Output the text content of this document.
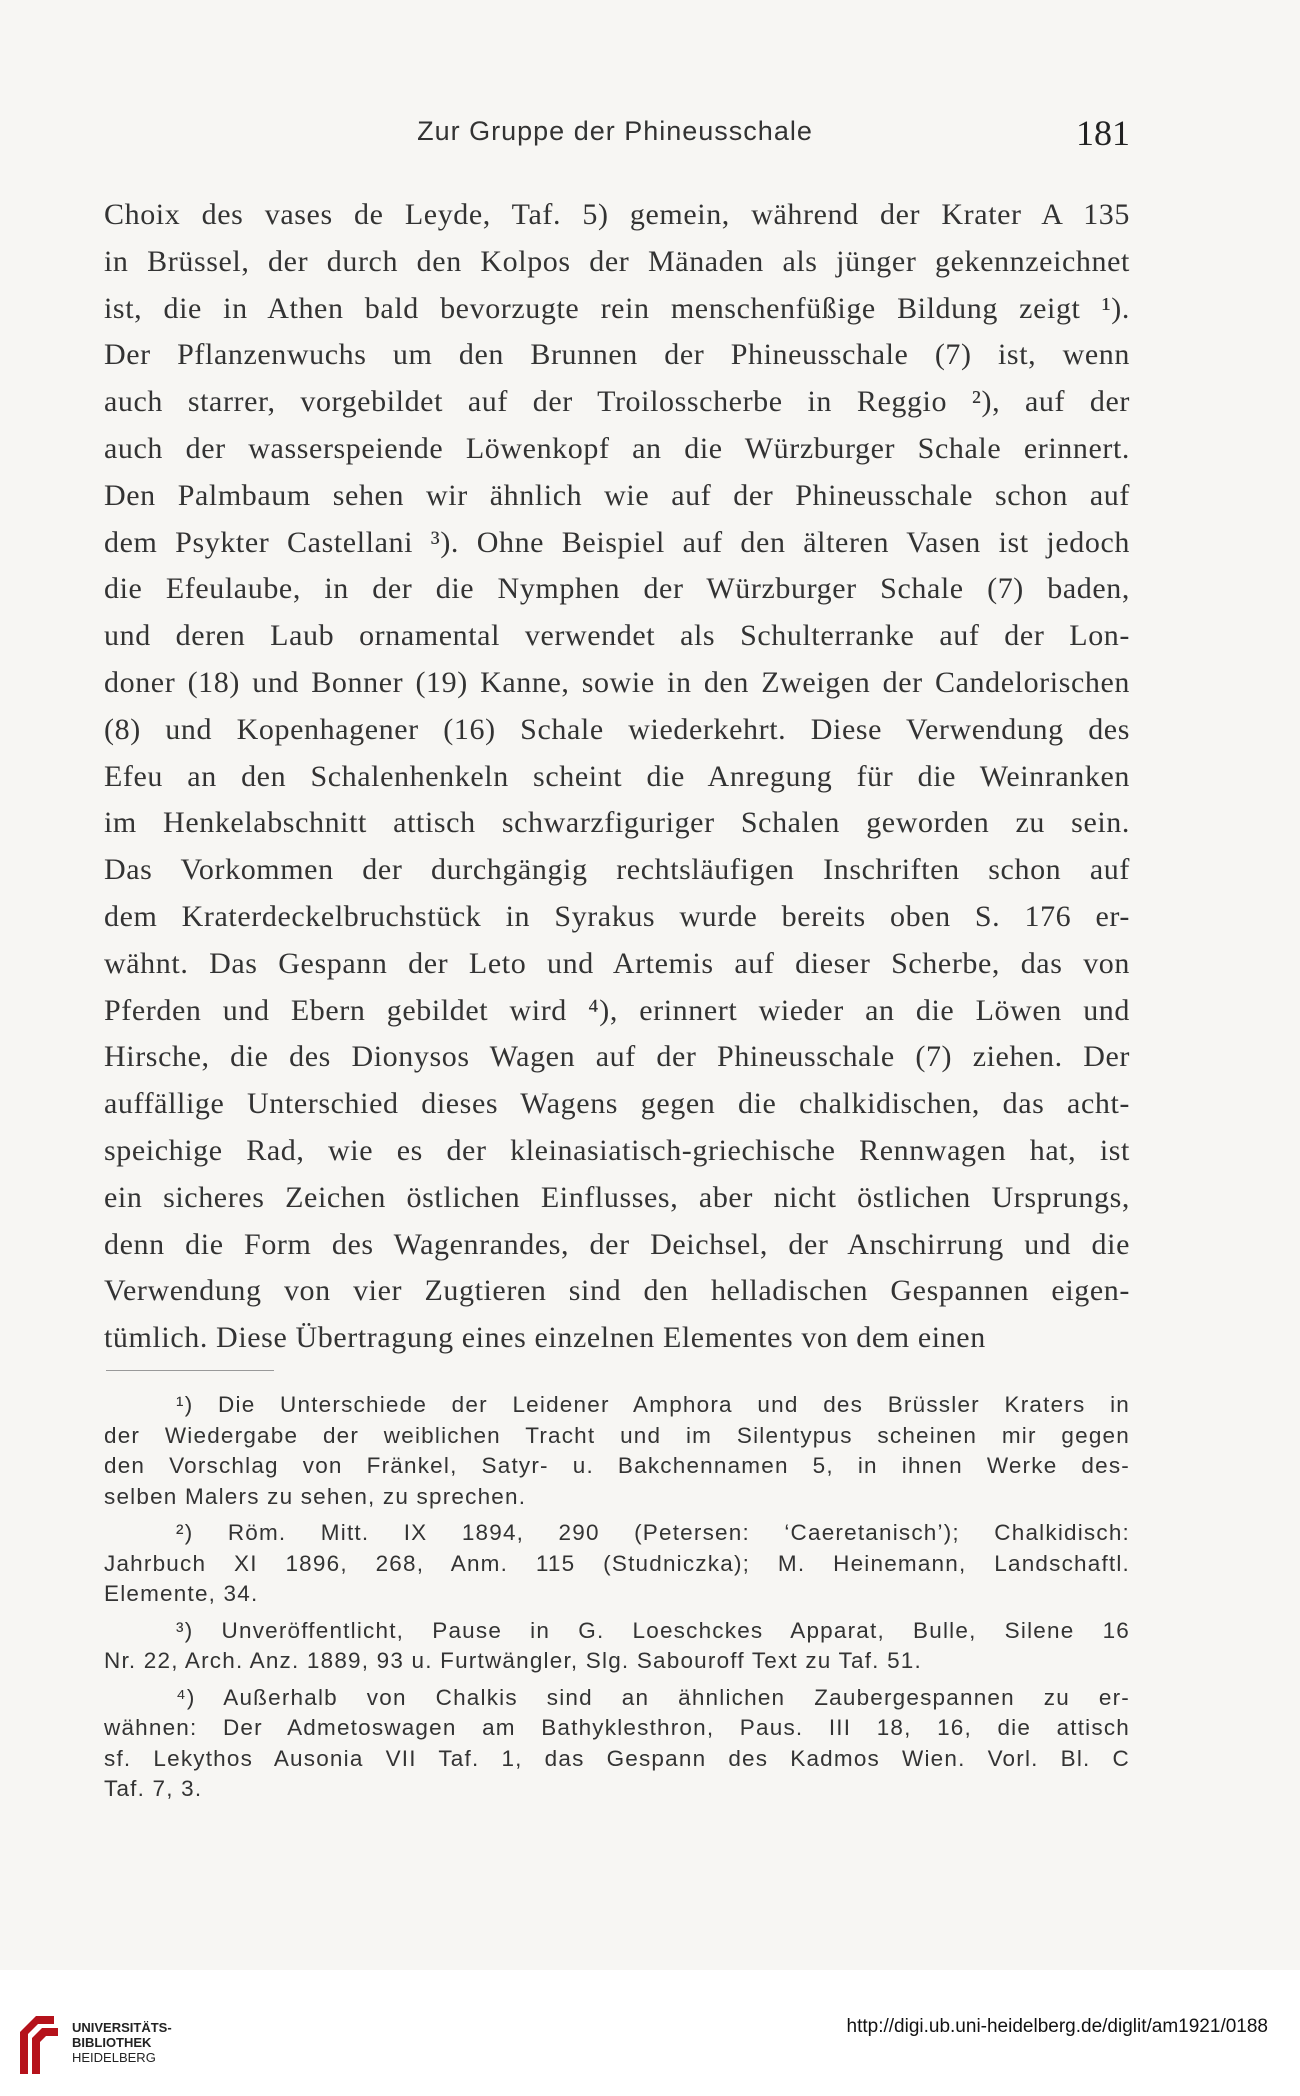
Zur Gruppe der Phineusschale	181
Choix des vases de Leyde, Taf. 5) gemein, während der Krater A 135
in Brüssel, der durch den Kolpos der Mänaden als jünger gekennzeichnet
ist, die in Athen bald bevorzugte rein menschenfüßige Bildung zeigt ¹).
Der Pflanzenwuchs um den Brunnen der Phineusschale (7) ist, wenn
auch starrer, vorgebildet auf der Troilosscherbe in Reggio ²), auf der
auch der wasserspeiende Löwenkopf an die Würzburger Schale erinnert.
Den Palmbaum sehen wir ähnlich wie auf der Phineusschale schon auf
dem Psykter Castellani ³). Ohne Beispiel auf den älteren Vasen ist jedoch
die Efeulaube, in der die Nymphen der Würzburger Schale (7) baden,
und deren Laub ornamental verwendet als Schulterranke auf der Lon-
doner (18) und Bonner (19) Kanne, sowie in den Zweigen der Candelorischen
(8) und Kopenhagener (16) Schale wiederkehrt. Diese Verwendung des
Efeu an den Schalenhenkeln scheint die Anregung für die Weinranken
im Henkelabschnitt attisch schwarzfiguriger Schalen geworden zu sein.
Das Vorkommen der durchgängig rechtsläufigen Inschriften schon auf
dem Kraterdeckelbruchstück in Syrakus wurde bereits oben S. 176 er-
wähnt. Das Gespann der Leto und Artemis auf dieser Scherbe, das von
Pferden und Ebern gebildet wird ⁴), erinnert wieder an die Löwen und
Hirsche, die des Dionysos Wagen auf der Phineusschale (7) ziehen. Der
auffällige Unterschied dieses Wagens gegen die chalkidischen, das acht-
speichige Rad, wie es der kleinasiatisch-griechische Rennwagen hat, ist
ein sicheres Zeichen östlichen Einflusses, aber nicht östlichen Ursprungs,
denn die Form des Wagenrandes, der Deichsel, der Anschirrung und die
Verwendung von vier Zugtieren sind den helladischen Gespannen eigen-
tümlich. Diese Übertragung eines einzelnen Elementes von dem einen
¹) Die Unterschiede der Leidener Amphora und des Brüssler Kraters in
der Wiedergabe der weiblichen Tracht und im Silentypus scheinen mir gegen
den Vorschlag von Fränkel, Satyr- u. Bakchennamen 5, in ihnen Werke des-
selben Malers zu sehen, zu sprechen.
²) Röm. Mitt. IX 1894, 290 (Petersen: ‘Caeretanisch’); Chalkidisch:
Jahrbuch XI 1896, 268, Anm. 115 (Studniczka); M. Heinemann, Landschaftl.
Elemente, 34.
³) Unveröffentlicht, Pause in G. Loeschckes Apparat, Bulle, Silene 16
Nr. 22, Arch. Anz. 1889, 93 u. Furtwängler, Slg. Sabouroff Text zu Taf. 51.
⁴) Außerhalb von Chalkis sind an ähnlichen Zaubergespannen zu er-
wähnen: Der Admetoswagen am Bathyklesthron, Paus. III 18, 16, die attisch
sf. Lekythos Ausonia VII Taf. 1, das Gespann des Kadmos Wien. Vorl. Bl. C
Taf. 7, 3.
UNIVERSITÄTS-
BIBLIOTHEK
HEIDELBERG
http://digi.ub.uni-heidelberg.de/diglit/am1921/0188
